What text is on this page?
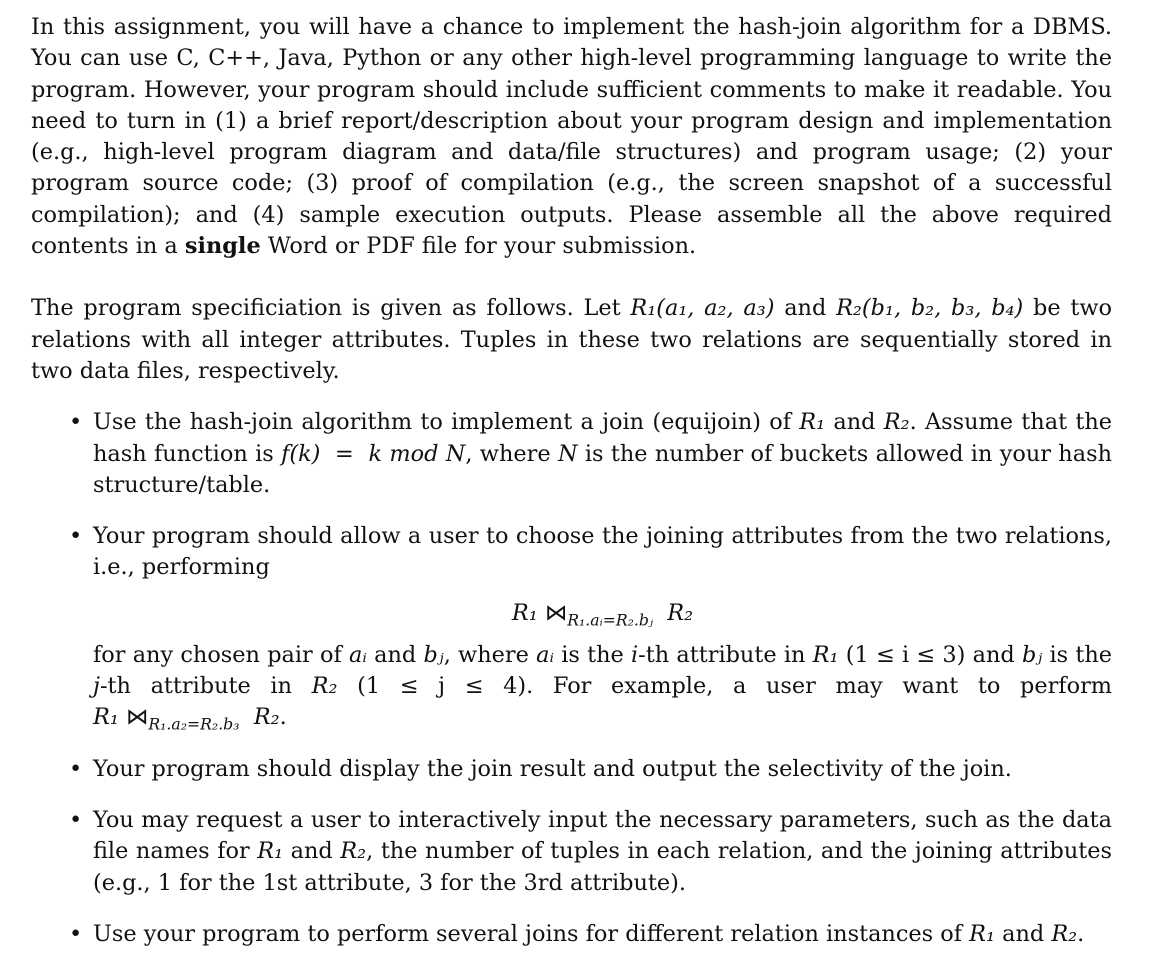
In this assignment, you will have a chance to implement the hash-join algorithm for a DBMS. You can use C, C++, Java, Python or any other high-level programming language to write the program. However, your program should include sufficient comments to make it readable. You need to turn in (1) a brief report/description about your program design and implementation (e.g., high-level program diagram and data/file structures) and program usage; (2) your program source code; (3) proof of compilation (e.g., the screen snapshot of a successful compilation); and (4) sample execution outputs. Please assemble all the above required contents in a single Word or PDF file for your submission.

The program specificiation is given as follows. Let R₁(a₁, a₂, a₃) and R₂(b₁, b₂, b₃, b₄) be two relations with all integer attributes. Tuples in these two relations are sequentially stored in two data files, respectively.

• Use the hash-join algorithm to implement a join (equijoin) of R₁ and R₂. Assume that the hash function is f(k)  =  k mod N, where N is the number of buckets allowed in your hash structure/table.
• Your program should allow a user to choose the joining attributes from the two relations, i.e., performing
R₁ $⋈_{R_1.aᵢ=R_2.bⱼ}$ R₂
for any chosen pair of aᵢ and bⱼ, where aᵢ is the i-th attribute in R₁ (1 ≤ i ≤ 3) and bⱼ is the j-th attribute in R₂ (1 ≤ j ≤ 4). For example, a user may want to perform R₁ $⋈_{R_1.a_2=R_2.b_3}$ R₂.
• Your program should display the join result and output the selectivity of the join.
• You may request a user to interactively input the necessary parameters, such as the data file names for R₁ and R₂, the number of tuples in each relation, and the joining attributes (e.g., 1 for the 1st attribute, 3 for the 3rd attribute).
• Use your program to perform several joins for different relation instances of R₁ and R₂.
